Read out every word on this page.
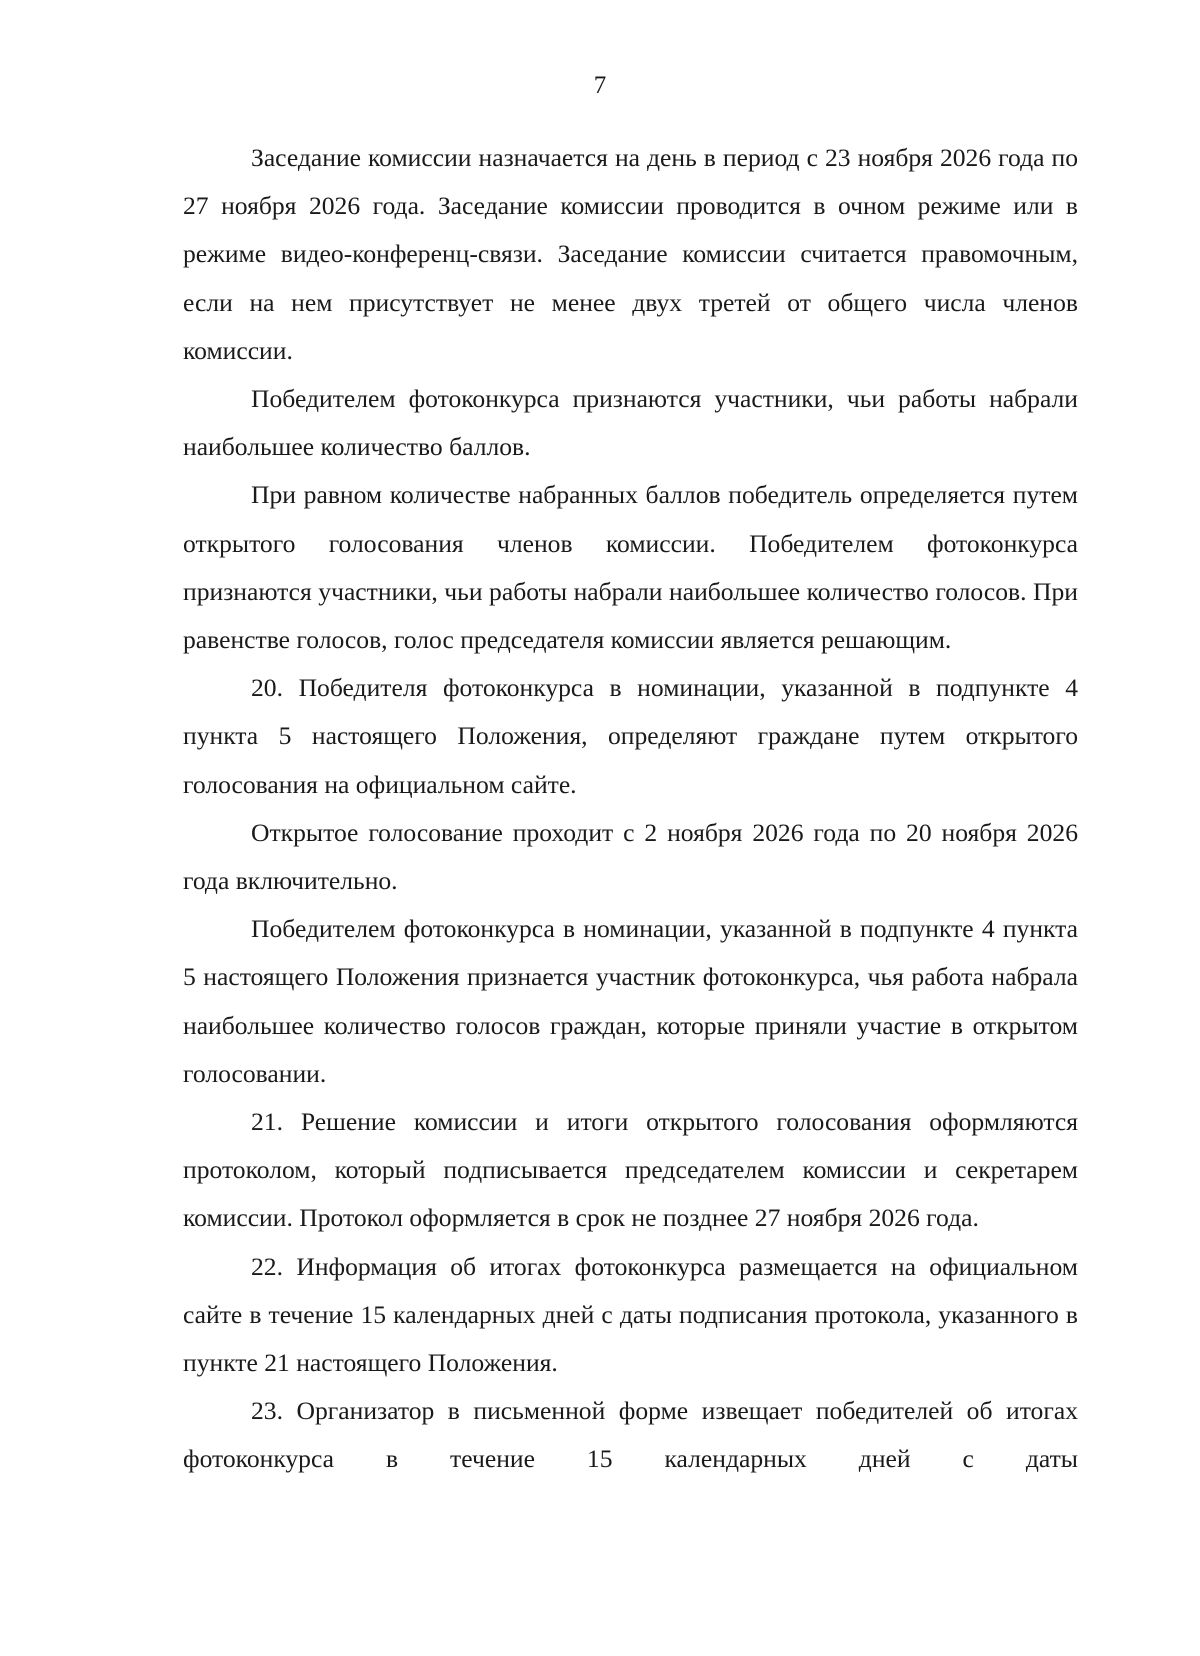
7

Заседание комиссии назначается на день в период с 23 ноября 2026 года по 27 ноября 2026 года. Заседание комиссии проводится в очном режиме или в режиме видео-конференц-связи. Заседание комиссии считается правомочным, если на нем присутствует не менее двух третей от общего числа членов комиссии.

Победителем фотоконкурса признаются участники, чьи работы набрали наибольшее количество баллов.

При равном количестве набранных баллов победитель определяется путем открытого голосования членов комиссии. Победителем фотоконкурса признаются участники, чьи работы набрали наибольшее количество голосов. При равенстве голосов, голос председателя комиссии является решающим.

20. Победителя фотоконкурса в номинации, указанной в подпункте 4 пункта 5 настоящего Положения, определяют граждане путем открытого голосования на официальном сайте.

Открытое голосование проходит с 2 ноября 2026 года по 20 ноября 2026 года включительно.

Победителем фотоконкурса в номинации, указанной в подпункте 4 пункта 5 настоящего Положения признается участник фотоконкурса, чья работа набрала наибольшее количество голосов граждан, которые приняли участие в открытом голосовании.

21. Решение комиссии и итоги открытого голосования оформляются протоколом, который подписывается председателем комиссии и секретарем комиссии. Протокол оформляется в срок не позднее 27 ноября 2026 года.

22. Информация об итогах фотоконкурса размещается на официальном сайте в течение 15 календарных дней с даты подписания протокола, указанного в пункте 21 настоящего Положения.

23. Организатор в письменной форме извещает победителей об итогах фотоконкурса в течение 15 календарных дней с даты
